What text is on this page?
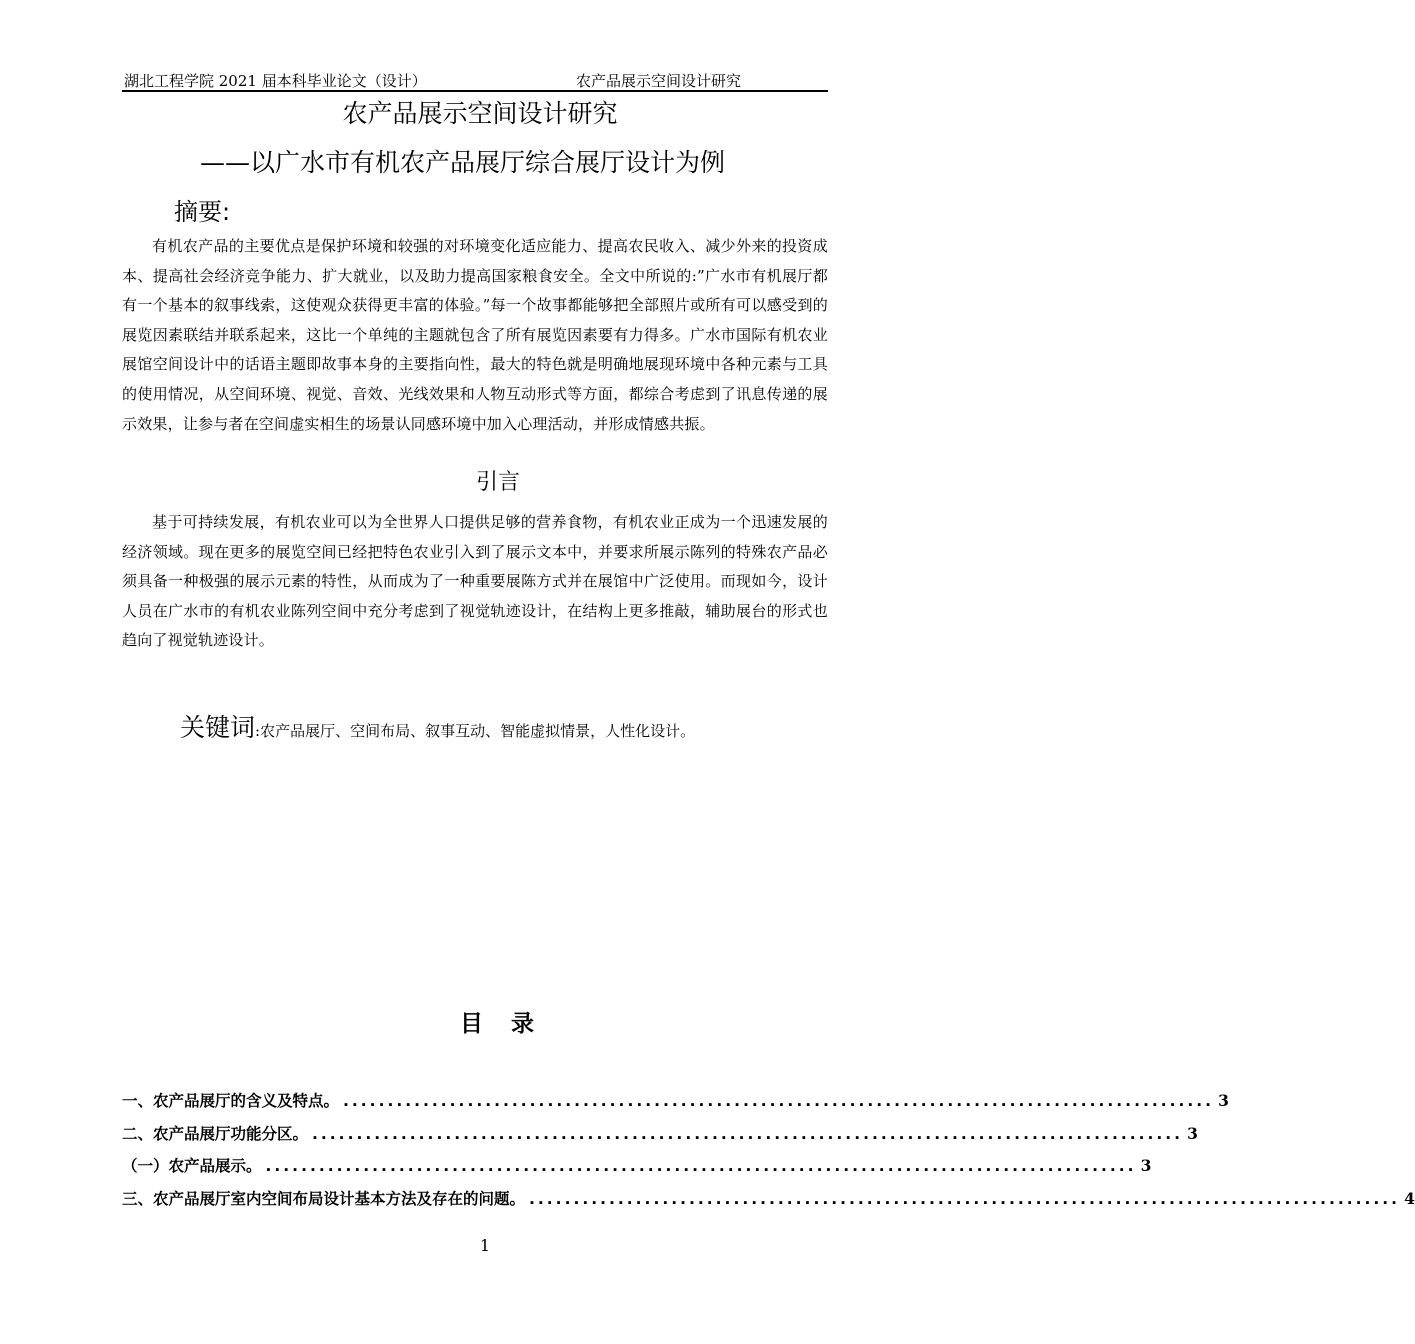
湖北工程学院 2021 届本科毕业论文（设计）	农产品展示空间设计研究
农产品展示空间设计研究
——以广水市有机农产品展厅综合展厅设计为例
摘要:
有机农产品的主要优点是保护环境和较强的对环境变化适应能力、提高农民收入、减少外来的投资成本、提高社会经济竞争能力、扩大就业，以及助力提高国家粮食安全。全文中所说的:”广水市有机展厅都有一个基本的叙事线索，这使观众获得更丰富的体验。”每一个故事都能够把全部照片或所有可以感受到的展览因素联结并联系起来，这比一个单纯的主题就包含了所有展览因素要有力得多。广水市国际有机农业展馆空间设计中的话语主题即故事本身的主要指向性，最大的特色就是明确地展现环境中各种元素与工具的使用情况，从空间环境、视觉、音效、光线效果和人物互动形式等方面，都综合考虑到了讯息传递的展示效果，让参与者在空间虚实相生的场景认同感环境中加入心理活动，并形成情感共振。
引言
基于可持续发展，有机农业可以为全世界人口提供足够的营养食物，有机农业正成为一个迅速发展的经济领域。现在更多的展览空间已经把特色农业引入到了展示文本中，并要求所展示陈列的特殊农产品必须具备一种极强的展示元素的特性，从而成为了一种重要展陈方式并在展馆中广泛使用。而现如今，设计人员在广水市的有机农业陈列空间中充分考虑到了视觉轨迹设计，在结构上更多推敲，辅助展台的形式也趋向了视觉轨迹设计。
关键词:农产品展厅、空间布局、叙事互动、智能虚拟情景，人性化设计。
目录
一、农产品展厅的含义及特点。 .................................................................................................. 3
二、农产品展厅功能分区。 .................................................................................................. 3
（一）农产品展示。 .................................................................................................. 3
三、农产品展厅室内空间布局设计基本方法及存在的问题。 .................................................................................................. 4
1
